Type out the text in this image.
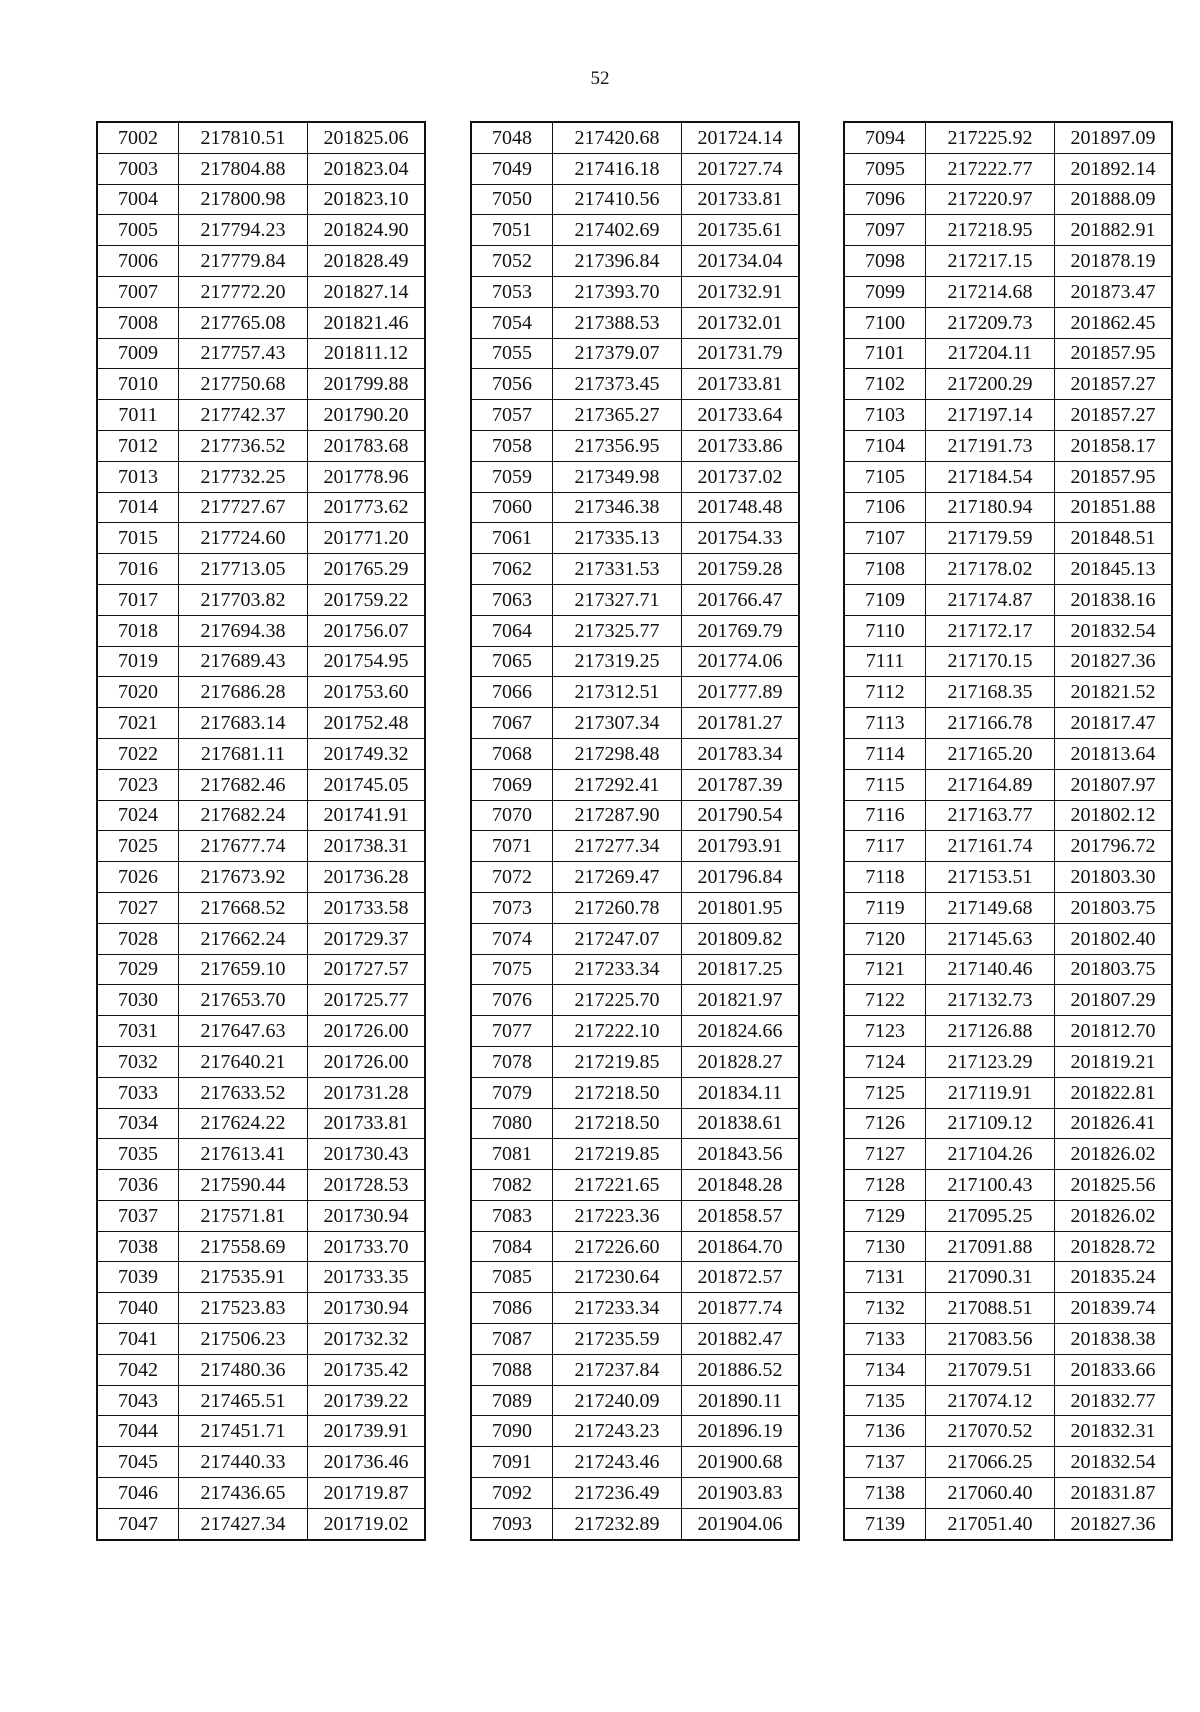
52
7002	217810.51	201825.06
7003	217804.88	201823.04
7004	217800.98	201823.10
7005	217794.23	201824.90
7006	217779.84	201828.49
7007	217772.20	201827.14
7008	217765.08	201821.46
7009	217757.43	201811.12
7010	217750.68	201799.88
7011	217742.37	201790.20
7012	217736.52	201783.68
7013	217732.25	201778.96
7014	217727.67	201773.62
7015	217724.60	201771.20
7016	217713.05	201765.29
7017	217703.82	201759.22
7018	217694.38	201756.07
7019	217689.43	201754.95
7020	217686.28	201753.60
7021	217683.14	201752.48
7022	217681.11	201749.32
7023	217682.46	201745.05
7024	217682.24	201741.91
7025	217677.74	201738.31
7026	217673.92	201736.28
7027	217668.52	201733.58
7028	217662.24	201729.37
7029	217659.10	201727.57
7030	217653.70	201725.77
7031	217647.63	201726.00
7032	217640.21	201726.00
7033	217633.52	201731.28
7034	217624.22	201733.81
7035	217613.41	201730.43
7036	217590.44	201728.53
7037	217571.81	201730.94
7038	217558.69	201733.70
7039	217535.91	201733.35
7040	217523.83	201730.94
7041	217506.23	201732.32
7042	217480.36	201735.42
7043	217465.51	201739.22
7044	217451.71	201739.91
7045	217440.33	201736.46
7046	217436.65	201719.87
7047	217427.34	201719.02
7048	217420.68	201724.14
7049	217416.18	201727.74
7050	217410.56	201733.81
7051	217402.69	201735.61
7052	217396.84	201734.04
7053	217393.70	201732.91
7054	217388.53	201732.01
7055	217379.07	201731.79
7056	217373.45	201733.81
7057	217365.27	201733.64
7058	217356.95	201733.86
7059	217349.98	201737.02
7060	217346.38	201748.48
7061	217335.13	201754.33
7062	217331.53	201759.28
7063	217327.71	201766.47
7064	217325.77	201769.79
7065	217319.25	201774.06
7066	217312.51	201777.89
7067	217307.34	201781.27
7068	217298.48	201783.34
7069	217292.41	201787.39
7070	217287.90	201790.54
7071	217277.34	201793.91
7072	217269.47	201796.84
7073	217260.78	201801.95
7074	217247.07	201809.82
7075	217233.34	201817.25
7076	217225.70	201821.97
7077	217222.10	201824.66
7078	217219.85	201828.27
7079	217218.50	201834.11
7080	217218.50	201838.61
7081	217219.85	201843.56
7082	217221.65	201848.28
7083	217223.36	201858.57
7084	217226.60	201864.70
7085	217230.64	201872.57
7086	217233.34	201877.74
7087	217235.59	201882.47
7088	217237.84	201886.52
7089	217240.09	201890.11
7090	217243.23	201896.19
7091	217243.46	201900.68
7092	217236.49	201903.83
7093	217232.89	201904.06
7094	217225.92	201897.09
7095	217222.77	201892.14
7096	217220.97	201888.09
7097	217218.95	201882.91
7098	217217.15	201878.19
7099	217214.68	201873.47
7100	217209.73	201862.45
7101	217204.11	201857.95
7102	217200.29	201857.27
7103	217197.14	201857.27
7104	217191.73	201858.17
7105	217184.54	201857.95
7106	217180.94	201851.88
7107	217179.59	201848.51
7108	217178.02	201845.13
7109	217174.87	201838.16
7110	217172.17	201832.54
7111	217170.15	201827.36
7112	217168.35	201821.52
7113	217166.78	201817.47
7114	217165.20	201813.64
7115	217164.89	201807.97
7116	217163.77	201802.12
7117	217161.74	201796.72
7118	217153.51	201803.30
7119	217149.68	201803.75
7120	217145.63	201802.40
7121	217140.46	201803.75
7122	217132.73	201807.29
7123	217126.88	201812.70
7124	217123.29	201819.21
7125	217119.91	201822.81
7126	217109.12	201826.41
7127	217104.26	201826.02
7128	217100.43	201825.56
7129	217095.25	201826.02
7130	217091.88	201828.72
7131	217090.31	201835.24
7132	217088.51	201839.74
7133	217083.56	201838.38
7134	217079.51	201833.66
7135	217074.12	201832.77
7136	217070.52	201832.31
7137	217066.25	201832.54
7138	217060.40	201831.87
7139	217051.40	201827.36
